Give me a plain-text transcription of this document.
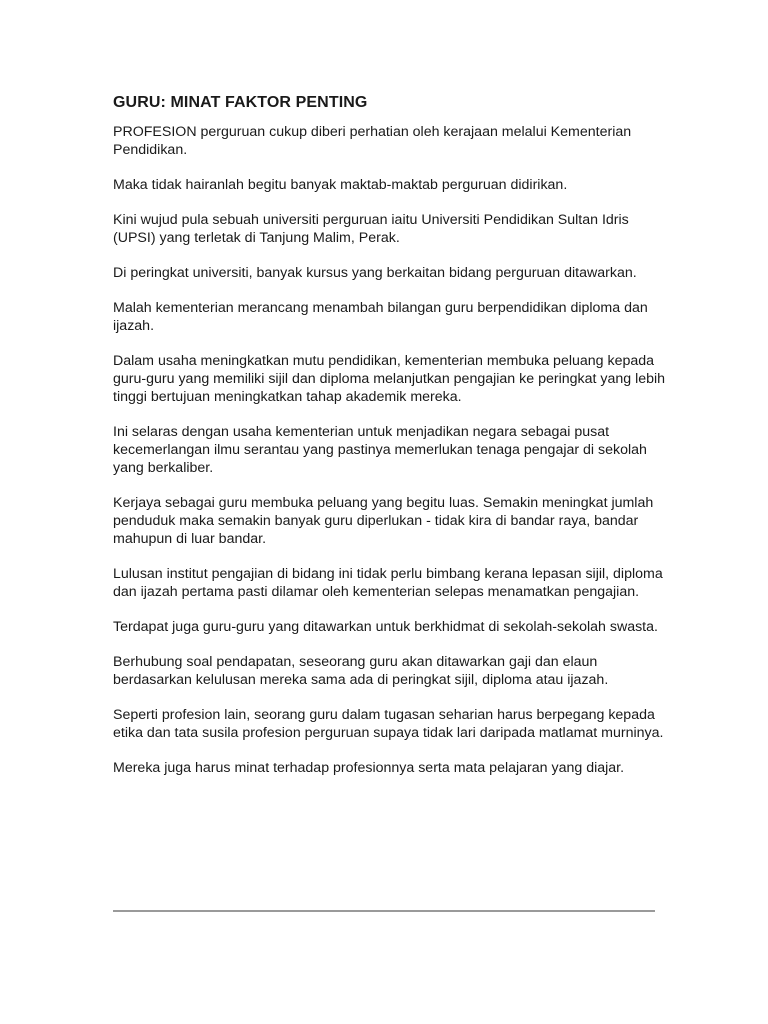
GURU: MINAT FAKTOR PENTING

PROFESION perguruan cukup diberi perhatian oleh kerajaan melalui Kementerian Pendidikan.

Maka tidak hairanlah begitu banyak maktab-maktab perguruan didirikan.

Kini wujud pula sebuah universiti perguruan iaitu Universiti Pendidikan Sultan Idris (UPSI) yang terletak di Tanjung Malim, Perak.

Di peringkat universiti, banyak kursus yang berkaitan bidang perguruan ditawarkan.

Malah kementerian merancang menambah bilangan guru berpendidikan diploma dan ijazah.

Dalam usaha meningkatkan mutu pendidikan, kementerian membuka peluang kepada guru-guru yang memiliki sijil dan diploma melanjutkan pengajian ke peringkat yang lebih tinggi bertujuan meningkatkan tahap akademik mereka.

Ini selaras dengan usaha kementerian untuk menjadikan negara sebagai pusat kecemerlangan ilmu serantau yang pastinya memerlukan tenaga pengajar di sekolah yang berkaliber.

Kerjaya sebagai guru membuka peluang yang begitu luas. Semakin meningkat jumlah penduduk maka semakin banyak guru diperlukan - tidak kira di bandar raya, bandar mahupun di luar bandar.

Lulusan institut pengajian di bidang ini tidak perlu bimbang kerana lepasan sijil, diploma dan ijazah pertama pasti dilamar oleh kementerian selepas menamatkan pengajian.

Terdapat juga guru-guru yang ditawarkan untuk berkhidmat di sekolah-sekolah swasta.

Berhubung soal pendapatan, seseorang guru akan ditawarkan gaji dan elaun berdasarkan kelulusan mereka sama ada di peringkat sijil, diploma atau ijazah.

Seperti profesion lain, seorang guru dalam tugasan seharian harus berpegang kepada etika dan tata susila profesion perguruan supaya tidak lari daripada matlamat murninya.

Mereka juga harus minat terhadap profesionnya serta mata pelajaran yang diajar.
